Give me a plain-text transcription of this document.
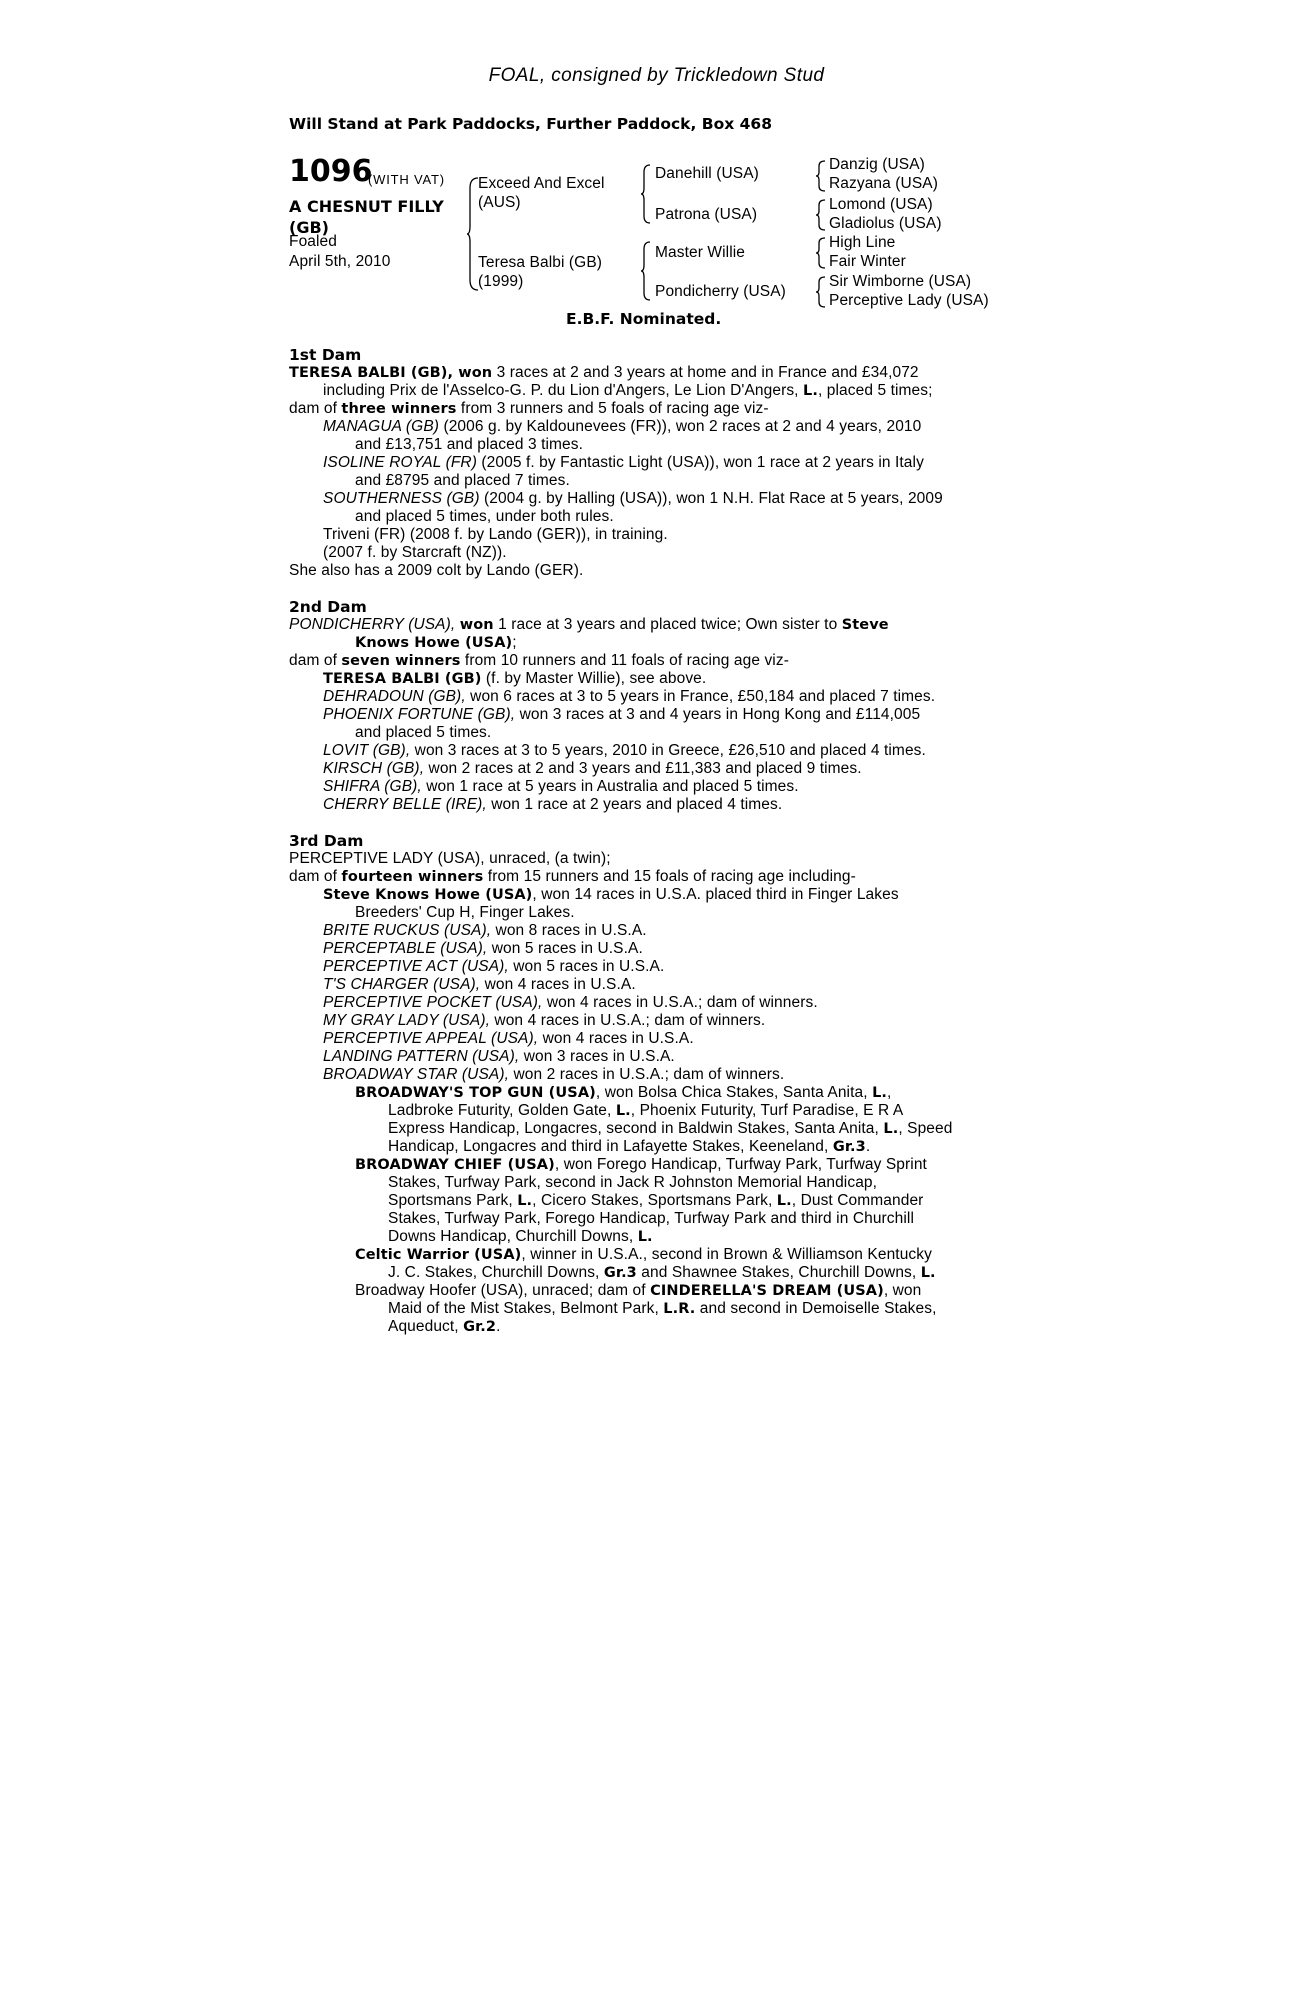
FOAL, consigned by Trickledown Stud
Will Stand at Park Paddocks, Further Paddock, Box 468
1096
(WITH VAT)
A CHESNUT FILLY (GB)
Foaled
April 5th, 2010
Exceed And Excel
(AUS)
Teresa Balbi (GB)
(1999)
Danehill (USA)
Patrona (USA)
Master Willie
Pondicherry (USA)
Danzig (USA)
Razyana (USA)
Lomond (USA)
Gladiolus (USA)
High Line
Fair Winter
Sir Wimborne (USA)
Perceptive Lady (USA)
E.B.F. Nominated.
1st Dam
TERESA BALBI (GB), won 3 races at 2 and 3 years at home and in France and £34,072
including Prix de l'Asselco-G. P. du Lion d'Angers, Le Lion D'Angers, L., placed 5 times;
dam of three winners from 3 runners and 5 foals of racing age viz-
MANAGUA (GB) (2006 g. by Kaldounevees (FR)), won 2 races at 2 and 4 years, 2010
and £13,751 and placed 3 times.
ISOLINE ROYAL (FR) (2005 f. by Fantastic Light (USA)), won 1 race at 2 years in Italy
and £8795 and placed 7 times.
SOUTHERNESS (GB) (2004 g. by Halling (USA)), won 1 N.H. Flat Race at 5 years, 2009
and placed 5 times, under both rules.
Triveni (FR) (2008 f. by Lando (GER)), in training.
(2007 f. by Starcraft (NZ)).
She also has a 2009 colt by Lando (GER).
2nd Dam
PONDICHERRY (USA), won 1 race at 3 years and placed twice; Own sister to Steve
Knows Howe (USA);
dam of seven winners from 10 runners and 11 foals of racing age viz-
TERESA BALBI (GB) (f. by Master Willie), see above.
DEHRADOUN (GB), won 6 races at 3 to 5 years in France, £50,184 and placed 7 times.
PHOENIX FORTUNE (GB), won 3 races at 3 and 4 years in Hong Kong and £114,005
and placed 5 times.
LOVIT (GB), won 3 races at 3 to 5 years, 2010 in Greece, £26,510 and placed 4 times.
KIRSCH (GB), won 2 races at 2 and 3 years and £11,383 and placed 9 times.
SHIFRA (GB), won 1 race at 5 years in Australia and placed 5 times.
CHERRY BELLE (IRE), won 1 race at 2 years and placed 4 times.
3rd Dam
PERCEPTIVE LADY (USA), unraced, (a twin);
dam of fourteen winners from 15 runners and 15 foals of racing age including-
Steve Knows Howe (USA), won 14 races in U.S.A. placed third in Finger Lakes
Breeders' Cup H, Finger Lakes.
BRITE RUCKUS (USA), won 8 races in U.S.A.
PERCEPTABLE (USA), won 5 races in U.S.A.
PERCEPTIVE ACT (USA), won 5 races in U.S.A.
T'S CHARGER (USA), won 4 races in U.S.A.
PERCEPTIVE POCKET (USA), won 4 races in U.S.A.; dam of winners.
MY GRAY LADY (USA), won 4 races in U.S.A.; dam of winners.
PERCEPTIVE APPEAL (USA), won 4 races in U.S.A.
LANDING PATTERN (USA), won 3 races in U.S.A.
BROADWAY STAR (USA), won 2 races in U.S.A.; dam of winners.
BROADWAY'S TOP GUN (USA), won Bolsa Chica Stakes, Santa Anita, L.,
Ladbroke Futurity, Golden Gate, L., Phoenix Futurity, Turf Paradise, E R A
Express Handicap, Longacres, second in Baldwin Stakes, Santa Anita, L., Speed
Handicap, Longacres and third in Lafayette Stakes, Keeneland, Gr.3.
BROADWAY CHIEF (USA), won Forego Handicap, Turfway Park, Turfway Sprint
Stakes, Turfway Park, second in Jack R Johnston Memorial Handicap,
Sportsmans Park, L., Cicero Stakes, Sportsmans Park, L., Dust Commander
Stakes, Turfway Park, Forego Handicap, Turfway Park and third in Churchill
Downs Handicap, Churchill Downs, L.
Celtic Warrior (USA), winner in U.S.A., second in Brown & Williamson Kentucky
J. C. Stakes, Churchill Downs, Gr.3 and Shawnee Stakes, Churchill Downs, L.
Broadway Hoofer (USA), unraced; dam of CINDERELLA'S DREAM (USA), won
Maid of the Mist Stakes, Belmont Park, L.R. and second in Demoiselle Stakes,
Aqueduct, Gr.2.
